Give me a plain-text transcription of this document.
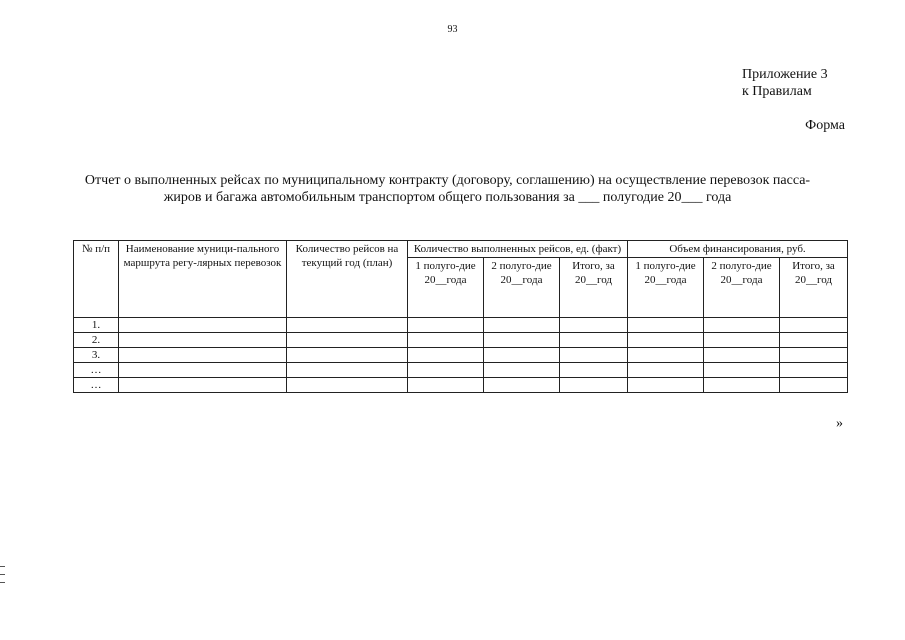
93
Приложение 3
к Правилам
Форма
Отчет о выполненных рейсах по муниципальному контракту (договору, соглашению) на осуществление перевозок пасса-
жиров и багажа автомобильным транспортом общего пользования за ___ полугодие 20___ года
№ п/п	Наименование муници-пального маршрута регу-лярных перевозок	Количество рейсов на текущий год (план)	Количество выполненных рейсов, ед. (факт)			Объем финансирования, руб.		
			1 полуго-дие 20__года	2 полуго-дие 20__года	Итого, за 20__год	1 полуго-дие 20__года	2 полуго-дие 20__года	Итого, за 20__год
1.								
2.								
3.								
…								
…								
»
